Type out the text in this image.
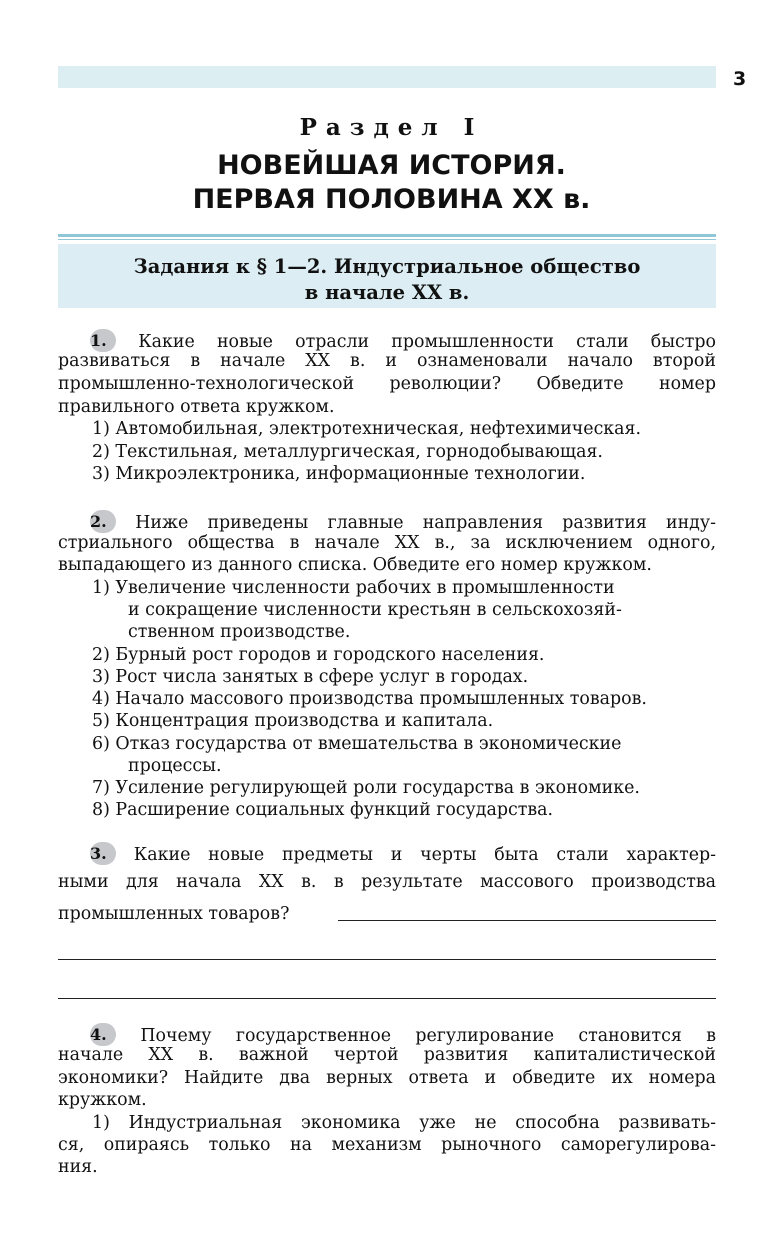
3
Раздел I
НОВЕЙШАЯ ИСТОРИЯ.
ПЕРВАЯ ПОЛОВИНА XX в.
Задания к § 1—2. Индустриальное общество
в начале XX в.
1. Какие новые отрасли промышленности стали быстро
развиваться в начале XX в. и ознаменовали начало второй
промышленно-технологической революции? Обведите номер
правильного ответа кружком.
1) Автомобильная, электротехническая, нефтехимическая.
2) Текстильная, металлургическая, горнодобывающая.
3) Микроэлектроника, информационные технологии.
2. Ниже приведены главные направления развития инду-
стриального общества в начале XX в., за исключением одного,
выпадающего из данного списка. Обведите его номер кружком.
1) Увеличение численности рабочих в промышленности
и сокращение численности крестьян в сельскохозяй-
ственном производстве.
2) Бурный рост городов и городского населения.
3) Рост числа занятых в сфере услуг в городах.
4) Начало массового производства промышленных товаров.
5) Концентрация производства и капитала.
6) Отказ государства от вмешательства в экономические
процессы.
7) Усиление регулирующей роли государства в экономике.
8) Расширение социальных функций государства.
3. Какие новые предметы и черты быта стали характер-
ными для начала XX в. в результате массового производства
промышленных товаров?
4. Почему государственное регулирование становится в
начале XX в. важной чертой развития капиталистической
экономики? Найдите два верных ответа и обведите их номера
кружком.
1) Индустриальная экономика уже не способна развивать-
ся, опираясь только на механизм рыночного саморегулирова-
ния.
